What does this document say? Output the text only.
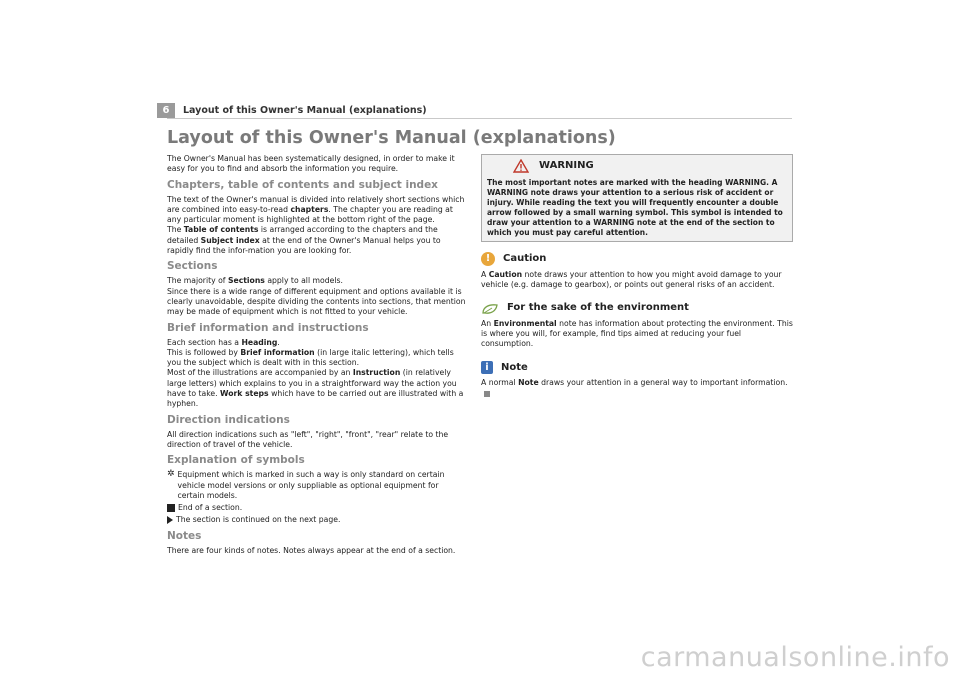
6	Layout of this Owner's Manual (explanations)
Layout of this Owner's Manual (explanations)

The Owner's Manual has been systematically designed, in order to make it easy for you to find and absorb the information you require.

Chapters, table of contents and subject index

The text of the Owner's manual is divided into relatively short sections which are combined into easy-to-read chapters. The chapter you are reading at any particular moment is highlighted at the bottom right of the page.

The Table of contents is arranged according to the chapters and the detailed Subject index at the end of the Owner's Manual helps you to rapidly find the infor-mation you are looking for.

Sections

The majority of Sections apply to all models.

Since there is a wide range of different equipment and options available it is clearly unavoidable, despite dividing the contents into sections, that mention may be made of equipment which is not fitted to your vehicle.

Brief information and instructions

Each section has a Heading.

This is followed by Brief information (in large italic lettering), which tells you the subject which is dealt with in this section.

Most of the illustrations are accompanied by an Instruction (in relatively large letters) which explains to you in a straightforward way the action you have to take. Work steps which have to be carried out are illustrated with a hyphen.

Direction indications

All direction indications such as "left", "right", "front", "rear" relate to the direction of travel of the vehicle.

Explanation of symbols
✲ Equipment which is marked in such a way is only standard on certain vehicle model versions or only suppliable as optional equipment for certain models.
End of a section.
The section is continued on the next page.
Notes

There are four kinds of notes. Notes always appear at the end of a section.

WARNING
The most important notes are marked with the heading WARNING. A WARNING note draws your attention to a serious risk of accident or injury. While reading the text you will frequently encounter a double arrow followed by a small warning symbol. This symbol is intended to draw your attention to a WARNING note at the end of the section to which you must pay careful attention.
!	Caution

A Caution note draws your attention to how you might avoid damage to your vehicle (e.g. damage to gearbox), or points out general risks of an accident.

For the sake of the environment

An Environmental note has information about protecting the environment. This is where you will, for example, find tips aimed at reducing your fuel consumption.

i	Note

A normal Note draws your attention in a general way to important information.

carmanualsonline.info
